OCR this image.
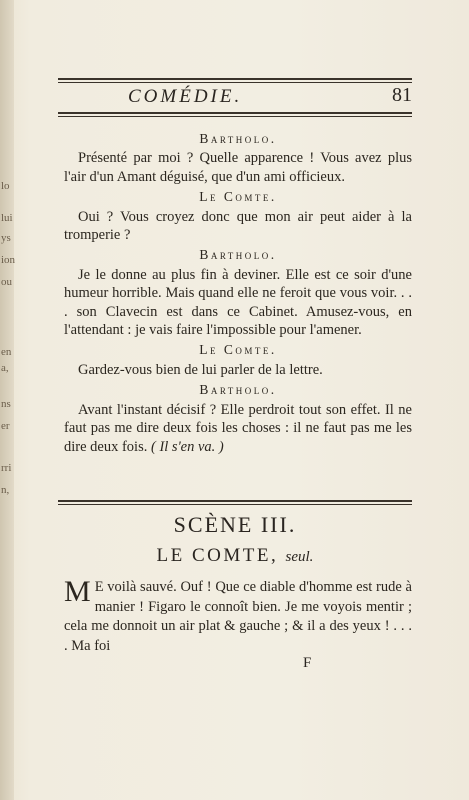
lo
lui
ys
ion
ou
en
a,
ns
er
rri
n,
COMÉDIE.	81
Bartholo.

Présenté par moi ? Quelle apparence ! Vous avez plus l'air d'un Amant déguisé, que d'un ami officieux.

Le Comte.

Oui ? Vous croyez donc que mon air peut aider à la tromperie ?

Bartholo.

Je le donne au plus fin à deviner. Elle est ce soir d'une humeur horrible. Mais quand elle ne feroit que vous voir. . . . son Clavecin est dans ce Cabinet. Amusez-vous, en l'attendant : je vais faire l'impossible pour l'amener.

Le Comte.

Gardez-vous bien de lui parler de la lettre.

Bartholo.

Avant l'instant décisif ? Elle perdroit tout son effet. Il ne faut pas me dire deux fois les choses : il ne faut pas me les dire deux fois. ( Il s'en va. )

SCÈNE III.
LE COMTE, seul.
M E voilà sauvé. Ouf ! Que ce diable d'homme est rude à manier ! Figaro le connoît bien. Je me voyois mentir ; cela me donnoit un air plat & gauche ; & il a des yeux ! . . . . Ma foi
F
